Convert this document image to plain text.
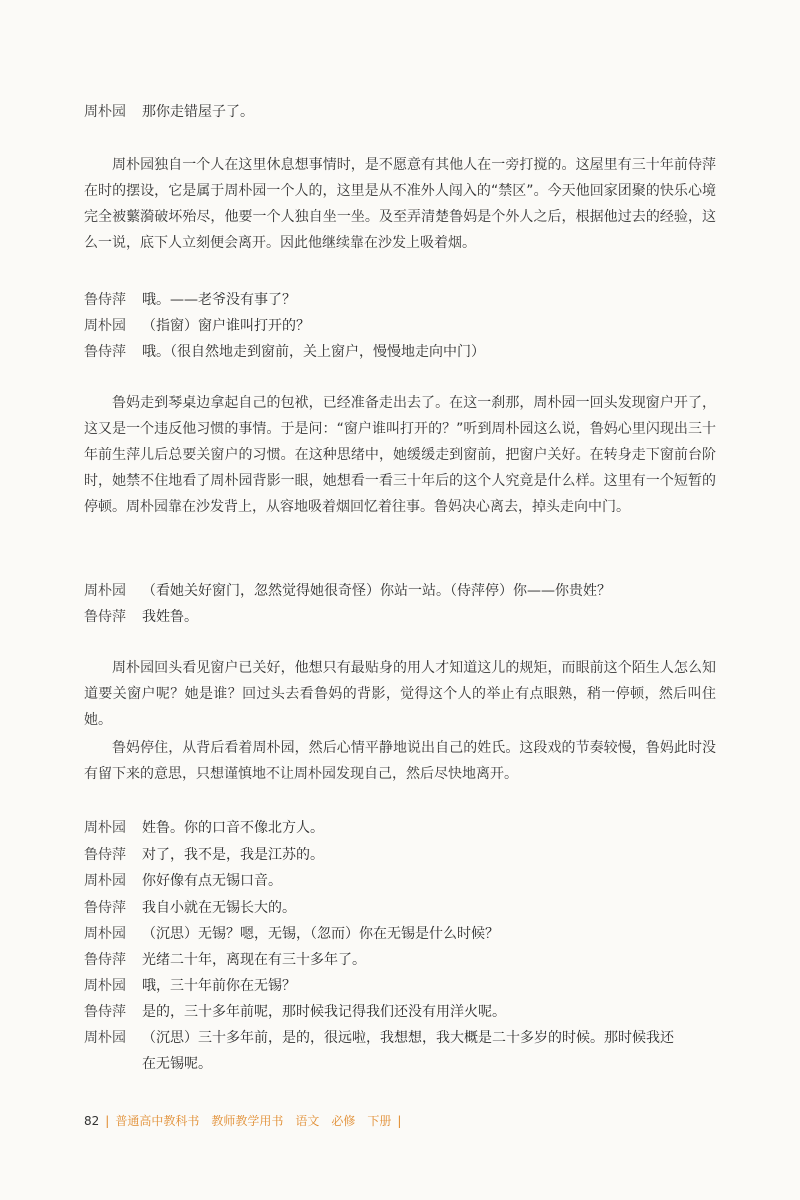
周朴园 那你走错屋子了。
周朴园独自一个人在这里休息想事情时，是不愿意有其他人在一旁打搅的。这屋里有三十年前侍萍在时的摆设，它是属于周朴园一个人的，这里是从不准外人闯入的“禁区”。今天他回家团聚的快乐心境完全被蘩漪破坏殆尽，他要一个人独自坐一坐。及至弄清楚鲁妈是个外人之后，根据他过去的经验，这么一说，底下人立刻便会离开。因此他继续靠在沙发上吸着烟。
鲁侍萍 哦。——老爷没有事了？
周朴园 （指窗）窗户谁叫打开的？
鲁侍萍 哦。（很自然地走到窗前，关上窗户，慢慢地走向中门）
鲁妈走到琴桌边拿起自己的包袱，已经准备走出去了。在这一刹那，周朴园一回头发现窗户开了，这又是一个违反他习惯的事情。于是问：“窗户谁叫打开的？”听到周朴园这么说，鲁妈心里闪现出三十年前生萍儿后总要关窗户的习惯。在这种思绪中，她缓缓走到窗前，把窗户关好。在转身走下窗前台阶时，她禁不住地看了周朴园背影一眼，她想看一看三十年后的这个人究竟是什么样。这里有一个短暂的停顿。周朴园靠在沙发背上，从容地吸着烟回忆着往事。鲁妈决心离去，掉头走向中门。
周朴园 （看她关好窗门，忽然觉得她很奇怪）你站一站。（侍萍停）你——你贵姓？
鲁侍萍 我姓鲁。
周朴园回头看见窗户已关好，他想只有最贴身的用人才知道这儿的规矩，而眼前这个陌生人怎么知道要关窗户呢？她是谁？回过头去看鲁妈的背影，觉得这个人的举止有点眼熟，稍一停顿，然后叫住她。
鲁妈停住，从背后看着周朴园，然后心情平静地说出自己的姓氏。这段戏的节奏较慢，鲁妈此时没有留下来的意思，只想谨慎地不让周朴园发现自己，然后尽快地离开。
周朴园 姓鲁。你的口音不像北方人。
鲁侍萍 对了，我不是，我是江苏的。
周朴园 你好像有点无锡口音。
鲁侍萍 我自小就在无锡长大的。
周朴园 （沉思）无锡？嗯，无锡，（忽而）你在无锡是什么时候？
鲁侍萍 光绪二十年，离现在有三十多年了。
周朴园 哦，三十年前你在无锡？
鲁侍萍 是的，三十多年前呢，那时候我记得我们还没有用洋火呢。
周朴园 （沉思）三十多年前，是的，很远啦，我想想，我大概是二十多岁的时候。那时候我还
在无锡呢。
82 | 普通高中教科书　教师教学用书　语文　必修　下册 |
